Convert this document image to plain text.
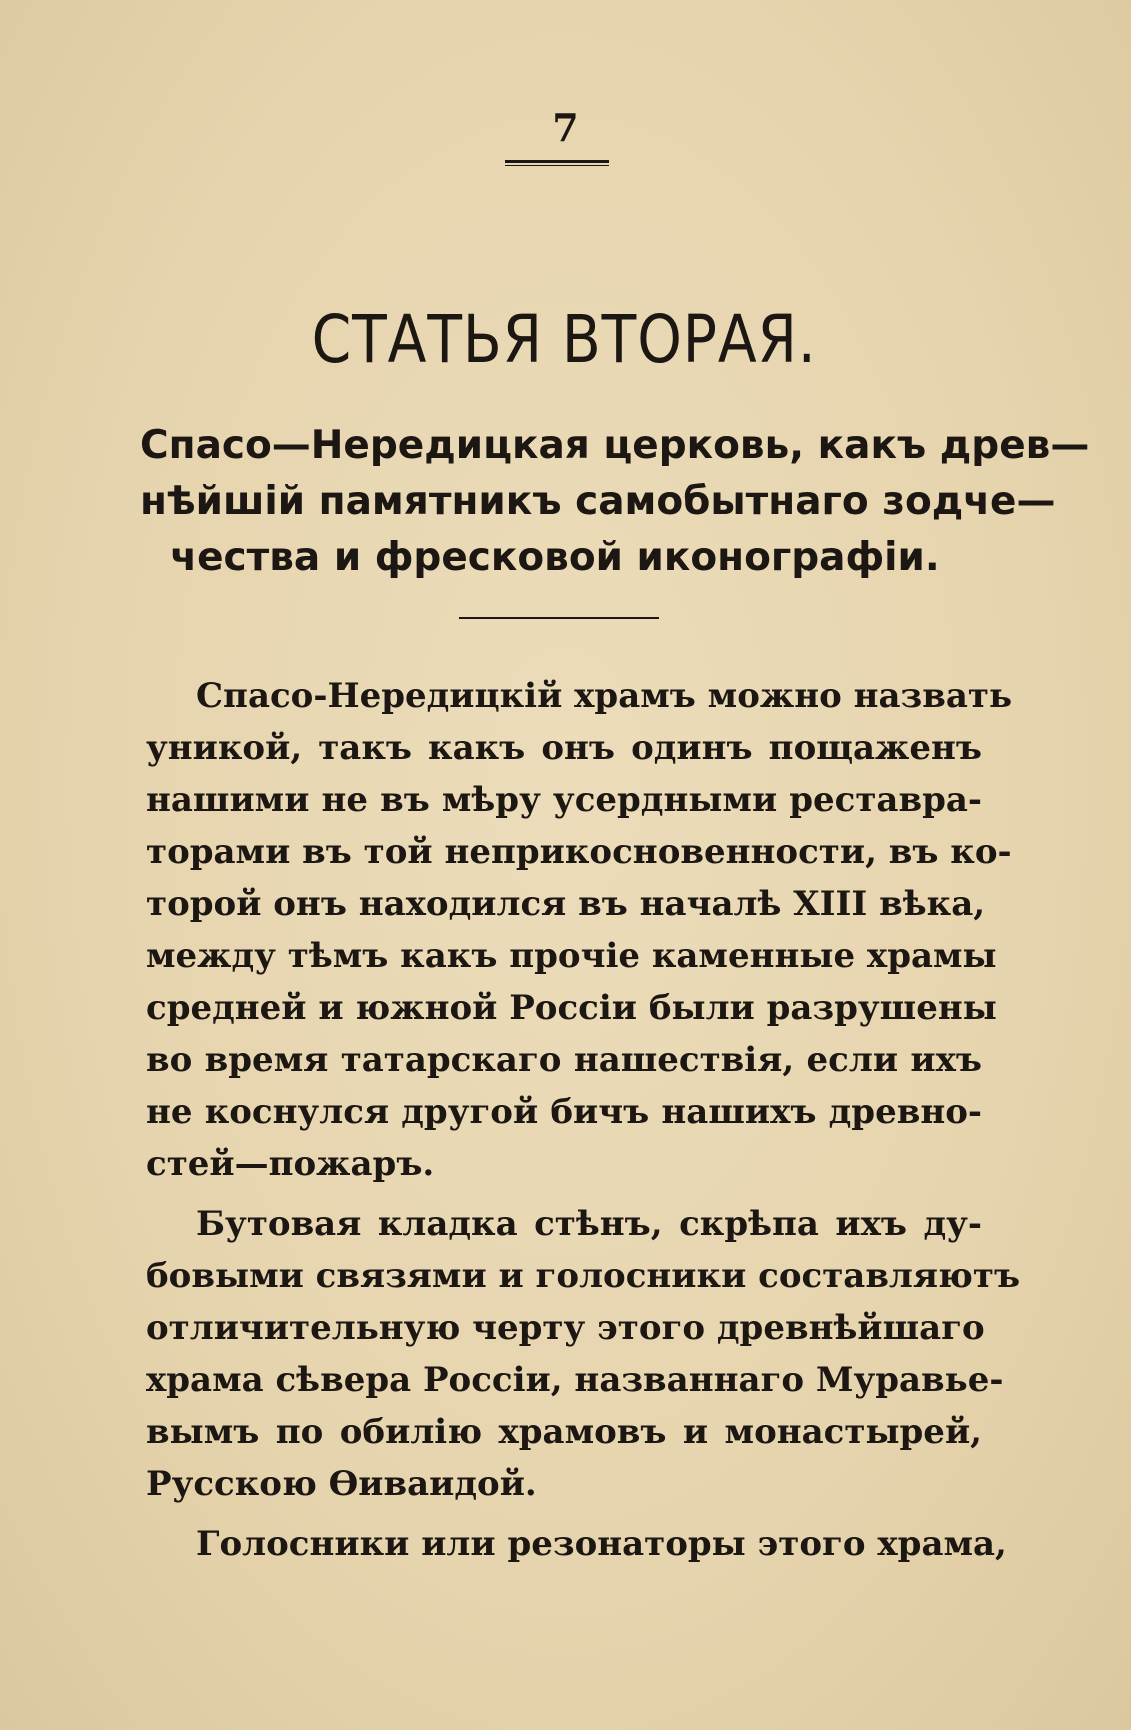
7
СТАТЬЯ ВТОРАЯ.
Спасо—Нередицкая церковь, какъ древ—
нѣйшій памятникъ самобытнаго зодче—
чества и фресковой иконографіи.
Спасо-Нередицкій храмъ можно назвать
уникой, такъ какъ онъ одинъ пощаженъ
нашими не въ мѣру усердными реставра-
торами въ той неприкосновенности, въ ко-
торой онъ находился въ началѣ XIII вѣка,
между тѣмъ какъ прочіе каменные храмы
средней и южной Россіи были разрушены
во время татарскаго нашествія, если ихъ
не коснулся другой бичъ нашихъ древно-
стей—пожаръ.
Бутовая кладка стѣнъ, скрѣпа ихъ ду-
бовыми связями и голосники составляютъ
отличительную черту этого древнѣйшаго
храма сѣвера Россіи, названнаго Муравье-
вымъ по обилію храмовъ и монастырей,
Русскою Ѳиваидой.
Голосники или резонаторы этого храма,
